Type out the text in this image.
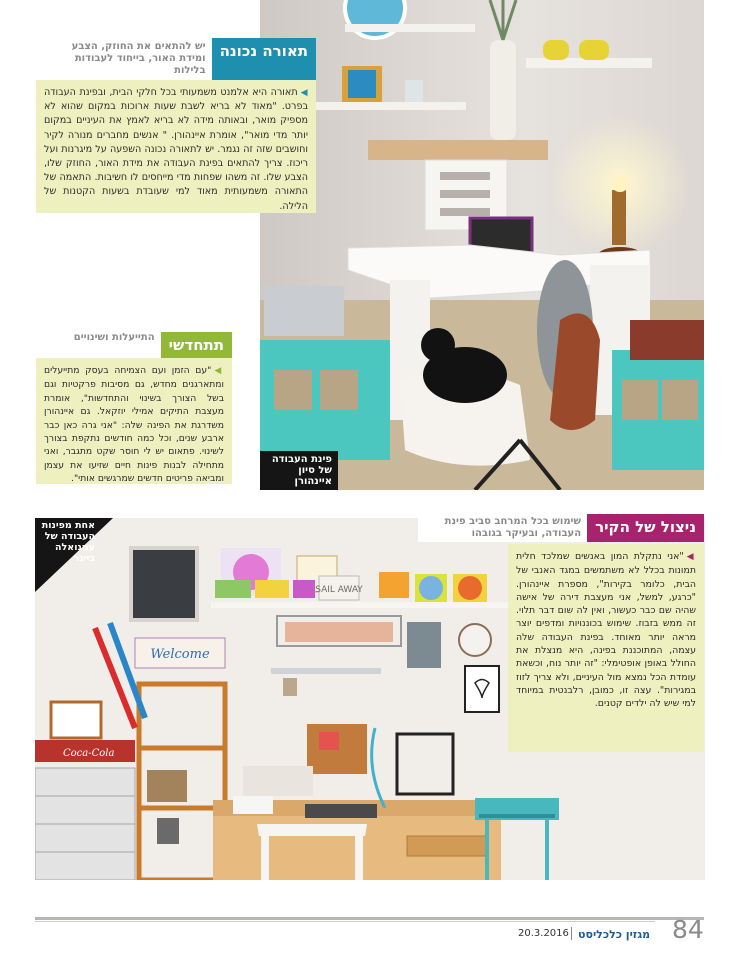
פינת העבודה של סיון איינהורן
תאורה נכונה
יש להתאים את החוזק, הצבע ומידת האור, בייחוד לעבודות בלילות
◀תאורה היא אלמנט משמעותי בכל חלקי הבית, ובפינת העבודה בפרט. "מאוד לא בריא לשבת שעות ארוכות במקום שהוא לא מספיק מואר, ובאותה מידה לא בריא לאמץ את העיניים במקום יותר מדי מואר", אומרת איינהורן. " אנשים מחברים מנורה לקיר וחושבים שזה זה נגמר. יש לתאורה נכונה השפעה על מיגרנות ועל ריכוז. צריך להתאים בפינת העבודה את מידת האור, החוזק שלו, הצבע שלו. זה משהו שפחות מדי מייחסים לו חשיבות. התאמה של התאורה משמעותית מאוד למי שעובדת בשעות הקטנות של הלילה.
תתחדשי
התייעלות ושינויים
◀"עם הזמן ועם הצמיחה בעסק מתייעלים ומתארגנים מחדש, גם מסיבות פרקטיות וגם בשל הצורך בשינוי והתחדשות", אומרת מעצבת התיקים אמילי יוזקאל. גם איינהורן משדרגת את הפינה שלה: "אני גרה כאן כבר ארבע שנים, וכל כמה חודשים נתקפת בצורך לשינוי. פתאום יש לי חוסר שקט מתגבר, ואני מתחילה לבנות פינות חיים שזיעו את עצמן ומביאה פריטים חדשים שמרגשים אותי".
SAIL AWAY
Welcome
Coca-Cola
אחת מפינות העבודה של עמנואלה בייגר
ניצול של הקיר
שימוש בכל המרחב סביב פינת העבודה, ובעיקר בגובהו
◀"אני נתקלת המון באנשים שמלכד חלית תמונות בכלל לא משתמשים במגד האנבי של הבית, כלומר בקירות", מספרת איינהורן. "כרגע, למשל, אני מעצבת דירה של אישה שהיה שם כבר כעשור, ואין לה שום דבר תלוי. זה ממש בזבוז. שימוש בכוננויות ומדפים יוצר מראה יותר מאוחד. בפינת העבודה שלה עצמה, המתוכננת בפינה, היא מנצלת את החולל באופן אופטימלי: "זה יותר נוח, וכשאת עומדת הכל נמצא מול העיניים, ולא צריך לזוז במגירות". עצה זו, כמובן, רלבנטית במיוחד למי שיש לה ילדים קטנים.
84
מגזין כלכליסט
20.3.2016
